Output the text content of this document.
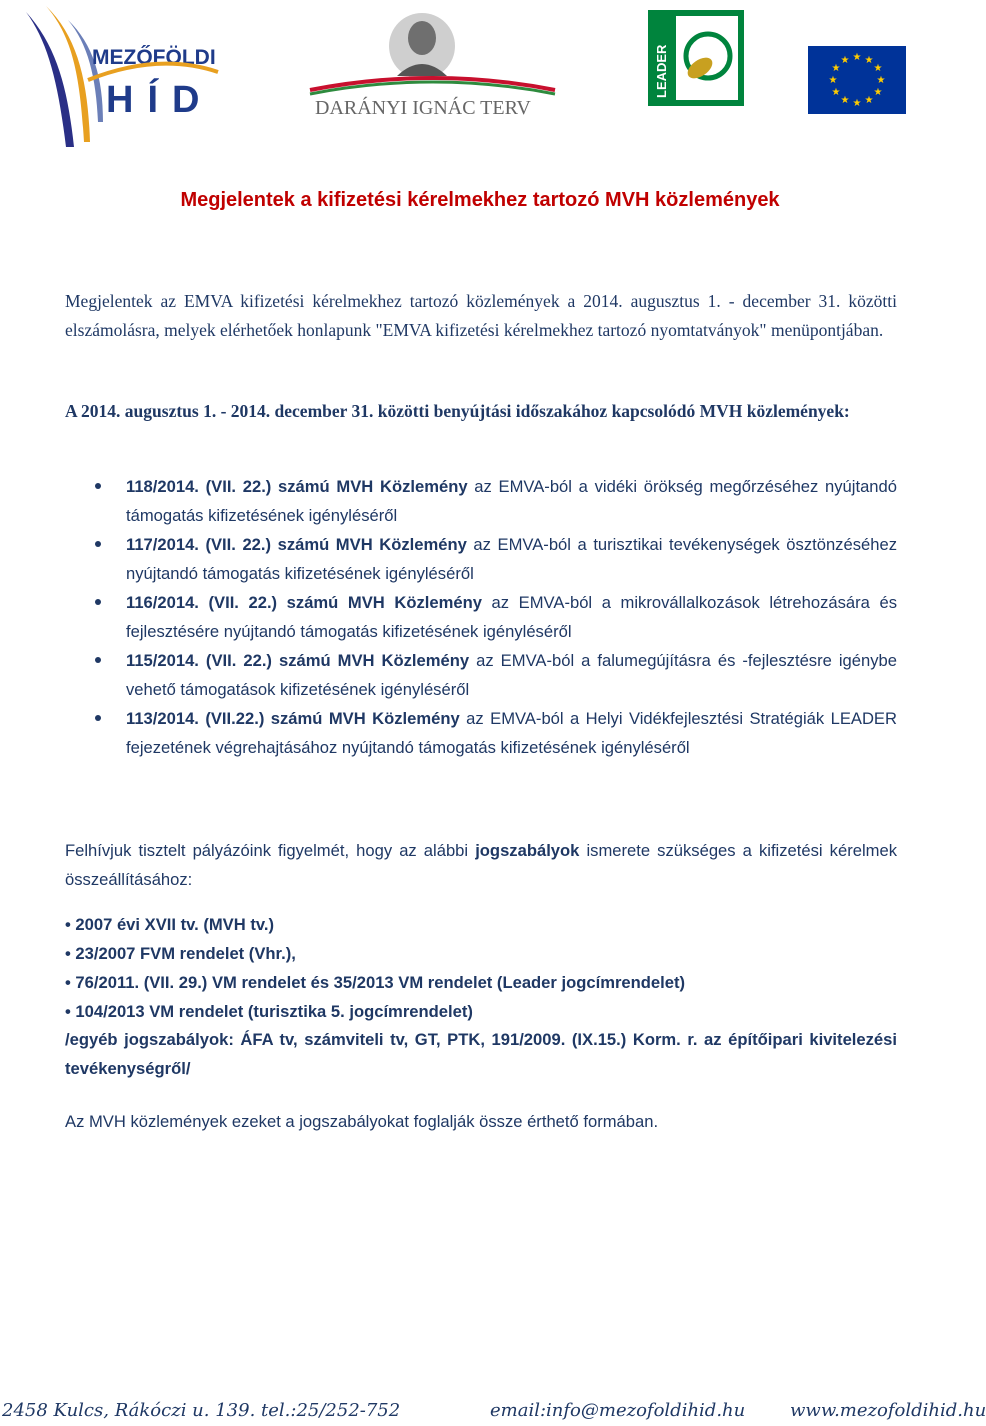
MEZŐFÖLDI
HÍD	DARÁNYI IGNÁC TERV
LEADER	★ ★
★
★
★
★
★
★
★
★
★
★
Megjelentek a kifizetési kérelmekhez tartozó MVH közlemények
Megjelentek az EMVA kifizetési kérelmekhez tartozó közlemények a 2014. augusztus 1. - december 31. közötti elszámolásra, melyek elérhetőek honlapunk "EMVA kifizetési kérelmekhez tartozó nyomtatványok" menüpontjában.
A 2014. augusztus 1. - 2014. december 31. közötti benyújtási időszakához kapcsolódó MVH közlemények:
118/2014. (VII. 22.) számú MVH Közlemény az EMVA-ból a vidéki örökség megőrzéséhez nyújtandó támogatás kifizetésének igényléséről
117/2014. (VII. 22.) számú MVH Közlemény az EMVA-ból a turisztikai tevékenységek ösztönzéséhez nyújtandó támogatás kifizetésének igényléséről
116/2014. (VII. 22.) számú MVH Közlemény az EMVA-ból a mikrovállalkozások létrehozására és fejlesztésére nyújtandó támogatás kifizetésének igényléséről
115/2014. (VII. 22.) számú MVH Közlemény az EMVA-ból a falumegújításra és -fejlesztésre igénybe vehető támogatások kifizetésének igényléséről
113/2014. (VII.22.) számú MVH Közlemény az EMVA-ból a Helyi Vidékfejlesztési Stratégiák LEADER fejezetének végrehajtásához nyújtandó támogatás kifizetésének igényléséről
Felhívjuk tisztelt pályázóink figyelmét, hogy az alábbi jogszabályok ismerete szükséges a kifizetési kérelmek összeállításához:
• 2007 évi XVII tv. (MVH tv.)
• 23/2007 FVM rendelet (Vhr.),
• 76/2011. (VII. 29.) VM rendelet és 35/2013 VM rendelet (Leader jogcímrendelet)
• 104/2013 VM rendelet (turisztika 5. jogcímrendelet)
/egyéb jogszabályok: ÁFA tv, számviteli tv, GT, PTK, 191/2009. (IX.15.) Korm. r. az építőipari kivitelezési tevékenységről/
Az MVH közlemények ezeket a jogszabályokat foglalják össze érthető formában.
2458 Kulcs, Rákóczi u. 139. tel.:25/252-752	email:info@mezofoldihid.hu www.mezofoldihid.hu
